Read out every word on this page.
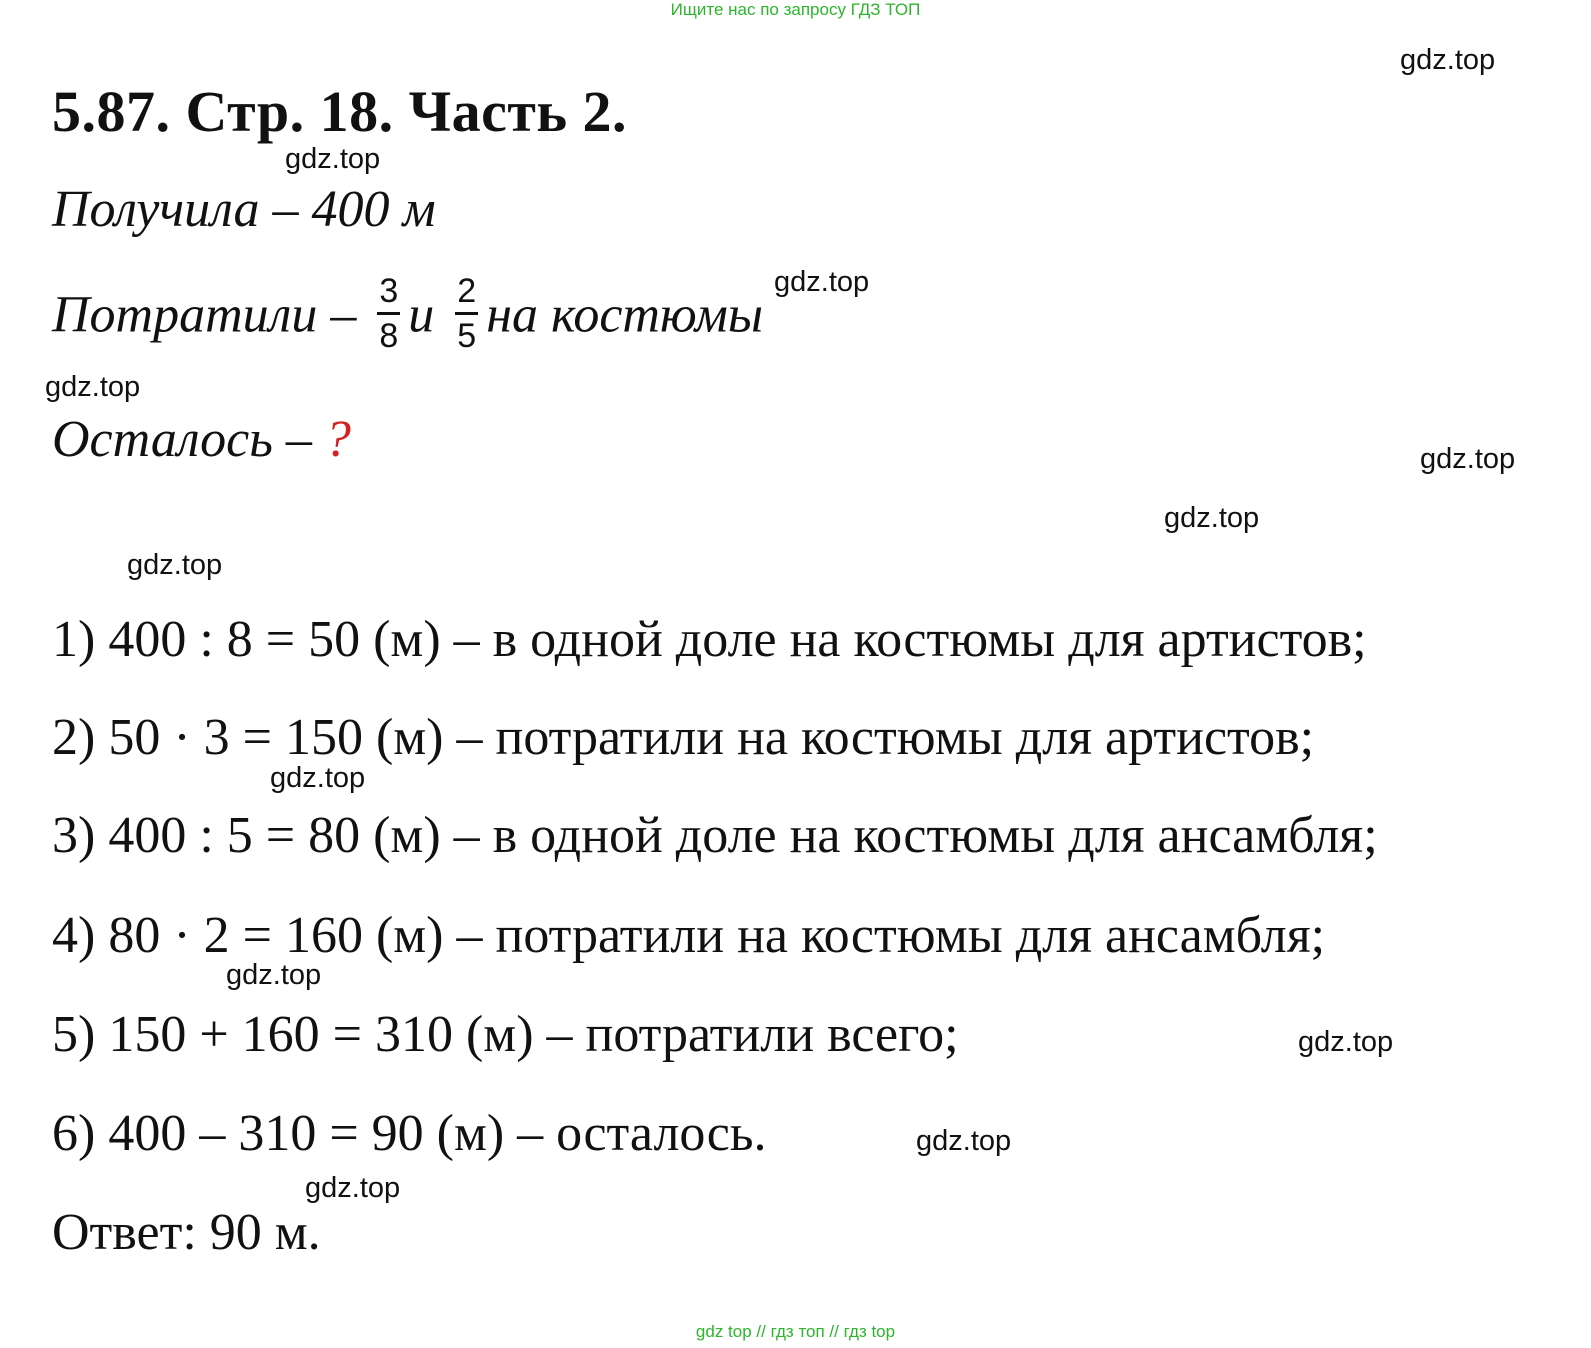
Ищите нас по запросу ГДЗ ТОП
5.87. Стр. 18. Часть 2.
Получила – 400 м
Потратили – $\frac{3}{8}$ и $\frac{2}{5}$ на костюмы
Осталось – ?
1) 400 : 8 = 50 (м) – в одной доле на костюмы для артистов;
2) 50 · 3 = 150 (м) – потратили на костюмы для артистов;
3) 400 : 5 = 80 (м) – в одной доле на костюмы для ансамбля;
4) 80 · 2 = 160 (м) – потратили на костюмы для ансамбля;
5) 150 + 160 = 310 (м) – потратили всего;
6) 400 – 310 = 90 (м) – осталось.
Ответ: 90 м.
gdz.top
gdz.top
gdz.top
gdz.top
gdz.top
gdz.top
gdz.top
gdz.top
gdz.top
gdz.top
gdz.top
gdz.top
gdz top // гдз топ // гдз top
